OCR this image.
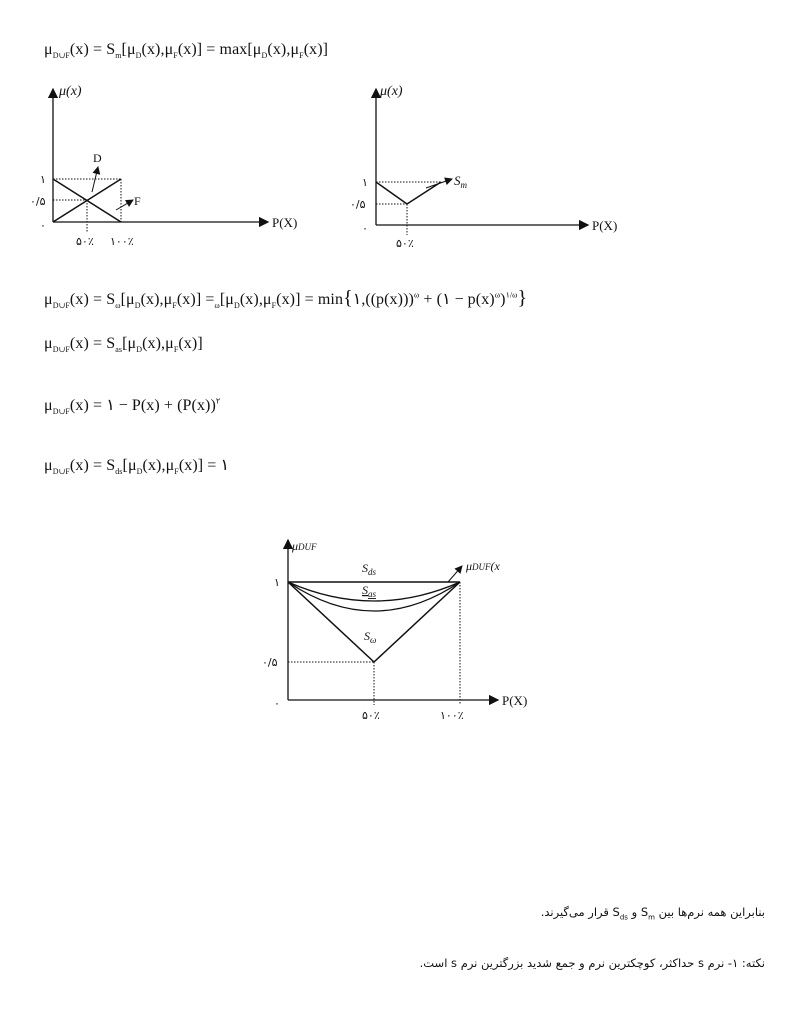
$\mu_{D\cup F}(x) = S_m[\mu_D(x),\mu_F(x)] = \max[\mu_D(x),\mu_F(x)]$
$\mu_{D\cup F}(x) = S_\omega[\mu_D(x),\mu_F(x)] =_\omega[\mu_D(x),\mu_F(x)]$ = $\min\{۱,((p(x)))^\omega$ + (۱ − $p(x)^\omega)^{۱/\omega}$}
$\mu_{D\cup F}(x) = S_{as}[\mu_D(x),\mu_F(x)]$
$\mu_{D\cup F}(x)$ = ۱ − $P(x) + (P(x))^۲$
$\mu_{D\cup F}(x) = S_{ds}[\mu_D(x),\mu_F(x)]$ = ۱
μ(x)
P(X)
D
F
۱
۰/۵
۰
۵۰٪ ۱۰۰٪
μ(x)
P(X)
$S_m$
۱
۰/۵
۰
۵۰٪
μDUF
P(X)
μDUF(x
$S_{ds}$
$S_{as}$
$S_\omega$
۱
۰/۵
۰
۵۰٪	۱۰۰٪
بنابراین همه نرم‌ها بین $S_m$ و $S_{ds}$ قرار می‌گیرند.
نکته: ۱- نرم s حداکثر، کوچکترین نرم و جمع شدید بزرگترین نرم s است.
